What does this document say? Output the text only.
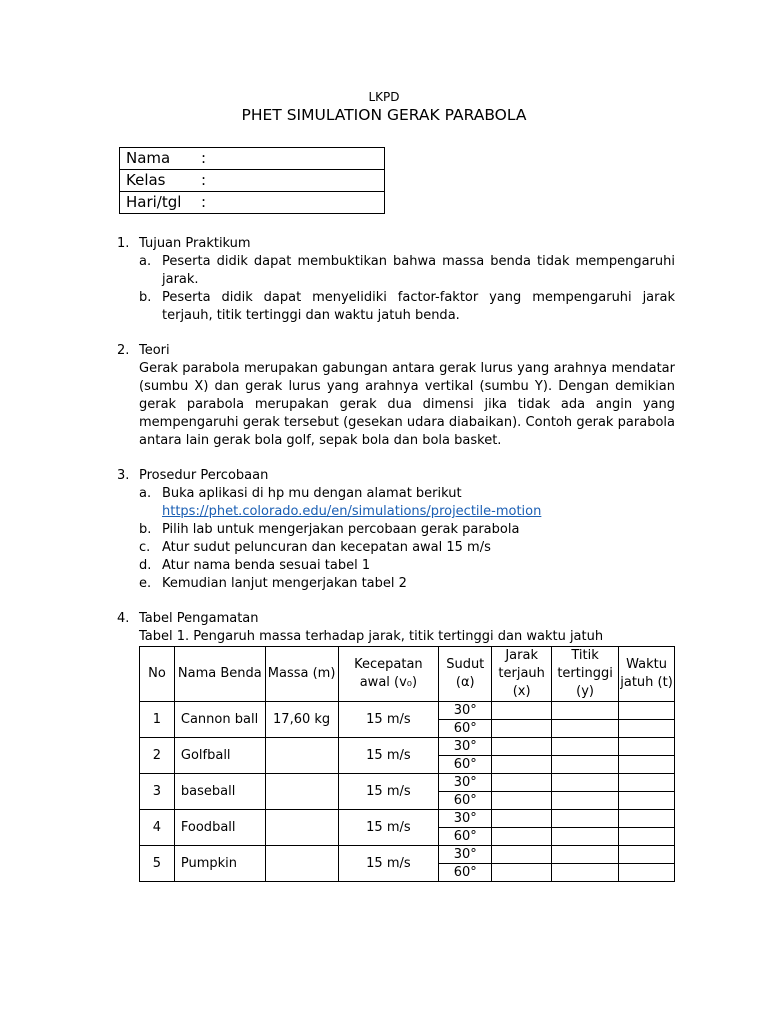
LKPD
PHET SIMULATION GERAK PARABOLA
Nama :
Kelas :
Hari/tgl :
1. Tujuan Praktikum
a. Peserta didik dapat membuktikan bahwa massa benda tidak mempengaruhi jarak.
b. Peserta didik dapat menyelidiki factor-faktor yang mempengaruhi jarak terjauh, titik tertinggi dan waktu jatuh benda.
2. Teori
Gerak parabola merupakan gabungan antara gerak lurus yang arahnya mendatar (sumbu X) dan gerak lurus yang arahnya vertikal (sumbu Y). Dengan demikian gerak parabola merupakan gerak dua dimensi jika tidak ada angin yang mempengaruhi gerak tersebut (gesekan udara diabaikan). Contoh gerak parabola antara lain gerak bola golf, sepak bola dan bola basket.
3. Prosedur Percobaan
a. Buka aplikasi di hp mu dengan alamat berikut
https://phet.colorado.edu/en/simulations/projectile-motion
b. Pilih lab untuk mengerjakan percobaan gerak parabola
c. Atur sudut peluncuran dan kecepatan awal 15 m/s
d. Atur nama benda sesuai tabel 1
e. Kemudian lanjut mengerjakan tabel 2
4. Tabel Pengamatan
Tabel 1. Pengaruh massa terhadap jarak, titik tertinggi dan waktu jatuh
No	Nama Benda	Massa (m)	Kecepatan awal (v₀)	Sudut (α)	Jarak terjauh (x)	Titik tertinggi (y)	Waktu jatuh (t)
1	Cannon ball	17,60 kg	15 m/s	30°			
				60°			
2	Golfball		15 m/s	30°			
				60°			
3	baseball		15 m/s	30°			
				60°			
4	Foodball		15 m/s	30°			
				60°			
5	Pumpkin		15 m/s	30°			
				60°			
